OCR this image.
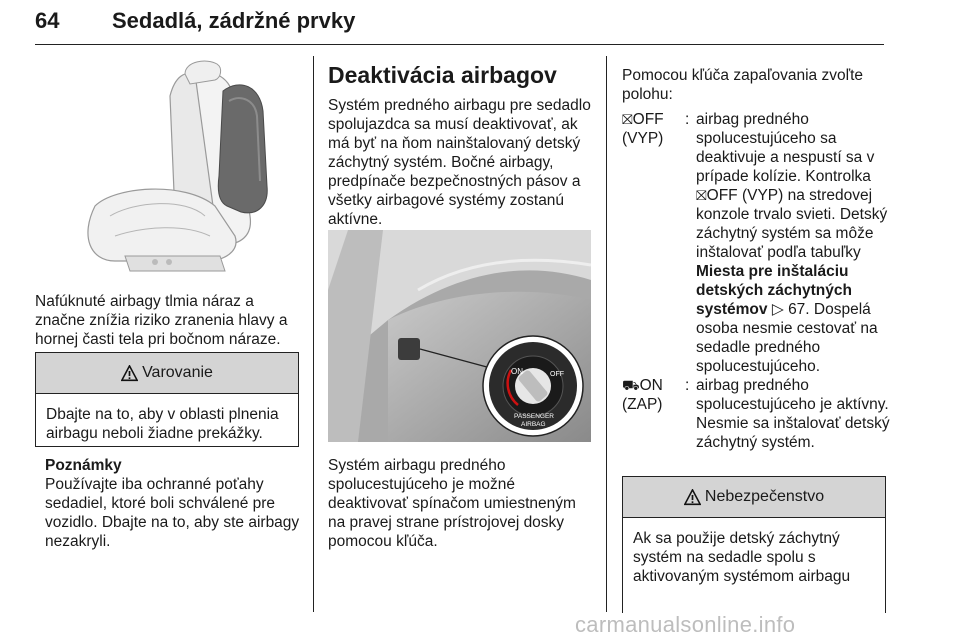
64 Sedadlá, zádržné prvky

Nafúknuté airbagy tlmia náraz a značne znížia riziko zranenia hlavy a hornej časti tela pri bočnom náraze.

Varovanie
Dbajte na to, aby v oblasti plnenia airbagu neboli žiadne prekážky.

Poznámky

Používajte iba ochranné poťahy sedadiel, ktoré boli schválené pre vozidlo. Dbajte na to, aby ste airbagy nezakryli.

Deaktivácia airbagov

Systém predného airbagu pre sedadlo spolujazdca sa musí deaktivovať, ak má byť na ňom nainštalovaný detský záchytný systém. Bočné airbagy, predpínače bezpečnostných pásov a všetky airbagové systémy zostanú aktívne.

ON	OFF
PASSENGER
AIRBAG

Systém airbagu predného spolucestujúceho je možné deaktivovať spínačom umiestneným na pravej strane prístrojovej dosky pomocou kľúča.

Pomocou kľúča zapaľovania zvoľte polohu:

⛝OFF
(VYP)
: airbag predného spolucestujúceho sa deaktivuje a nespustí sa v prípade kolízie. Kontrolka ⛝OFF (VYP) na stredovej konzole trvalo svieti. Detský záchytný systém sa môže inštalovať podľa tabuľky Miesta pre inštaláciu detských záchytných systémov ▷ 67. Dospelá osoba nesmie cestovať na sedadle predného spolucestujúceho.
⛟ON
(ZAP)
: airbag predného spolucestujúceho je aktívny. Nesmie sa inštalovať detský záchytný systém.
Nebezpečenstvo
Ak sa použije detský záchytný systém na sedadle spolu s aktivovaným systémom airbagu
carmanualsonline.info
